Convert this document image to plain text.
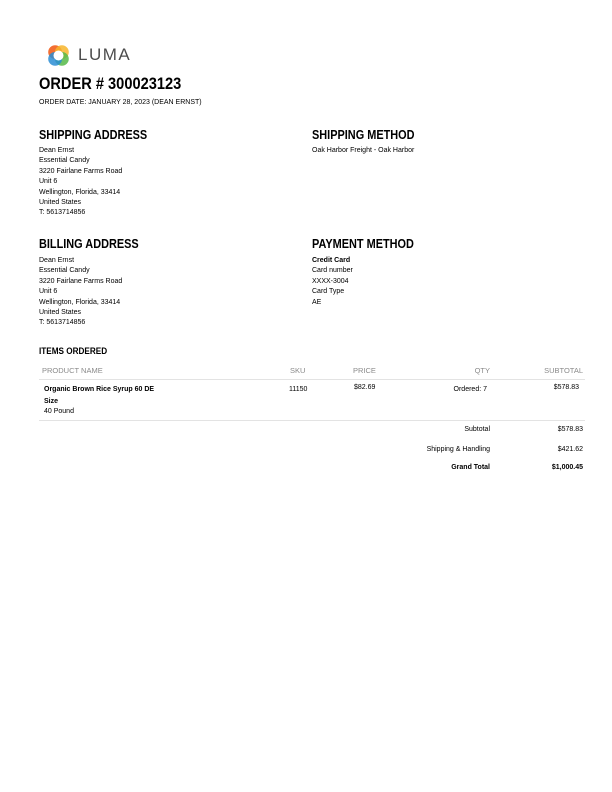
LUMA
ORDER # 300023123
ORDER DATE: JANUARY 28, 2023 (DEAN ERNST)
SHIPPING ADDRESS
Dean Ernst
Essential Candy
3220 Fairlane Farms Road
Unit 6
Wellington, Florida, 33414
United States
T: 5613714856
SHIPPING METHOD
Oak Harbor Freight - Oak Harbor
BILLING ADDRESS
Dean Ernst
Essential Candy
3220 Fairlane Farms Road
Unit 6
Wellington, Florida, 33414
United States
T: 5613714856
PAYMENT METHOD
Credit Card
Card number
XXXX-3004
Card Type
AE
ITEMS ORDERED
PRODUCT NAME	SKU	PRICE	QTY	SUBTOTAL
Organic Brown Rice Syrup 60 DE
Size
40 Pound
11150	$82.69	Ordered: 7	$578.83
Subtotal	$578.83
Shipping & Handling	$421.62
Grand Total	$1,000.45
